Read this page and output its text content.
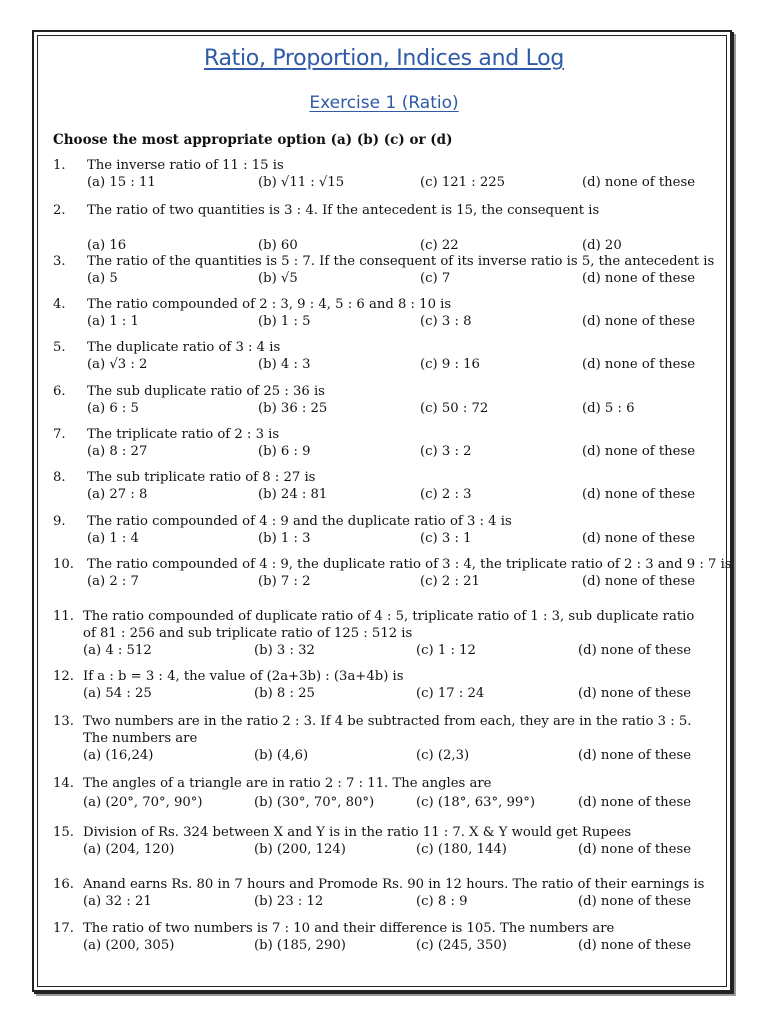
Ratio, Proportion, Indices and Log
Exercise 1 (Ratio)
Choose the most appropriate option (a) (b) (c) or (d)
1. The inverse ratio of 11 : 15 is
(a) 15 : 11	(b) √11 : √15	(c) 121 : 225	(d) none of these
2. The ratio of two quantities is 3 : 4. If the antecedent is 15, the consequent is
(a) 16	(b) 60	(c) 22	(d) 20
3. The ratio of the quantities is 5 : 7. If the consequent of its inverse ratio is 5, the antecedent is
(a) 5	(b) √5	(c) 7	(d) none of these
4. The ratio compounded of 2 : 3, 9 : 4, 5 : 6 and 8 : 10 is
(a) 1 : 1	(b) 1 : 5	(c) 3 : 8	(d) none of these
5. The duplicate ratio of 3 : 4 is
(a) √3 : 2	(b) 4 : 3	(c) 9 : 16	(d) none of these
6. The sub duplicate ratio of 25 : 36 is
(a) 6 : 5	(b) 36 : 25	(c) 50 : 72	(d) 5 : 6
7. The triplicate ratio of 2 : 3 is
(a) 8 : 27	(b) 6 : 9	(c) 3 : 2	(d) none of these
8. The sub triplicate ratio of 8 : 27 is
(a) 27 : 8	(b) 24 : 81	(c) 2 : 3	(d) none of these
9. The ratio compounded of 4 : 9 and the duplicate ratio of 3 : 4 is
(a) 1 : 4	(b) 1 : 3	(c) 3 : 1	(d) none of these
10. The ratio compounded of 4 : 9, the duplicate ratio of 3 : 4, the triplicate ratio of 2 : 3 and 9 : 7 is
(a) 2 : 7	(b) 7 : 2	(c) 2 : 21	(d) none of these
11. The ratio compounded of duplicate ratio of 4 : 5, triplicate ratio of 1 : 3, sub duplicate ratio
of 81 : 256 and sub triplicate ratio of 125 : 512 is
(a) 4 : 512	(b) 3 : 32	(c) 1 : 12	(d) none of these
12. If a : b = 3 : 4, the value of (2a+3b) : (3a+4b) is
(a) 54 : 25	(b) 8 : 25	(c) 17 : 24	(d) none of these
13. Two numbers are in the ratio 2 : 3. If 4 be subtracted from each, they are in the ratio 3 : 5.
The numbers are
(a) (16,24)	(b) (4,6)	(c) (2,3)	(d) none of these
14. The angles of a triangle are in ratio 2 : 7 : 11. The angles are
(a) (20°, 70°, 90°)	(b) (30°, 70°, 80°)	(c) (18°, 63°, 99°)	(d) none of these
15. Division of Rs. 324 between X and Y is in the ratio 11 : 7. X & Y would get Rupees
(a) (204, 120)	(b) (200, 124)	(c) (180, 144)	(d) none of these
16. Anand earns Rs. 80 in 7 hours and Promode Rs. 90 in 12 hours. The ratio of their earnings is
(a) 32 : 21	(b) 23 : 12	(c) 8 : 9	(d) none of these
17. The ratio of two numbers is 7 : 10 and their difference is 105. The numbers are
(a) (200, 305)	(b) (185, 290)	(c) (245, 350)	(d) none of these
